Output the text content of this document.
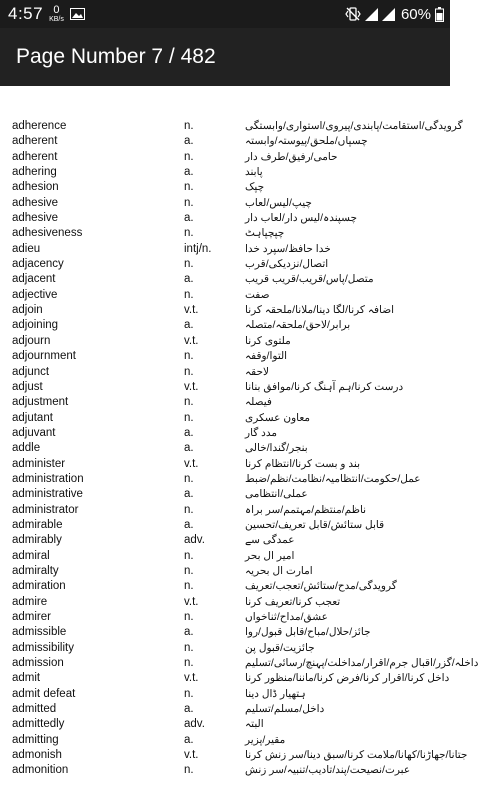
4:57 0
KB/s	60%
Page Number 7 / 482
adherence	n.	گرویدگی/استقامت/پابندی/پیروی/استواری/وابستگی
adherent	a.	چسپاں/ملحق/پیوستہ/وابستہ
adherent	n.	حامی/رفیق/طرف دار
adhering	a.	پابند
adhesion	n.	چپک
adhesive	n.	چیپ/لیس/لعاب
adhesive	a.	چسپندہ/لیس دار/لعاب دار
adhesiveness	n.	چپچپاہٹ
adieu	intj/n.	خدا حافظ/سپرد خدا
adjacency	n.	اتصال/نزدیکی/قرب
adjacent	a.	متصل/پاس/قریب/قریب قریب
adjective	n.	صفت
adjoin	v.t.	اضافہ کرنا/لگا دینا/ملانا/ملحقہ کرنا
adjoining	a.	برابر/لاحق/ملحقہ/متصلہ
adjourn	v.t.	ملتوی کرنا
adjournment	n.	التوا/وقفہ
adjunct	n.	لاحقہ
adjust	v.t.	درست کرنا/ہم آہنگ کرنا/موافق بنانا
adjustment	n.	فیصلہ
adjutant	n.	معاون عسکری
adjuvant	a.	مدد گار
addle	a.	بنجر/گندا/خالی
administer	v.t.	بند و بست کرنا/انتظام کرنا
administration	n.	عمل/حکومت/انتظامیہ/نظامت/نظم/ضبط
administrative	a.	عملی/انتظامی
administrator	n.	ناظم/منتظم/مہتمم/سر براہ
admirable	a.	قابل ستائش/قابل تعریف/تحسین
admirably	adv.	عمدگی سے
admiral	n.	امیر ال بحر
admiralty	n.	امارت ال بحریہ
admiration	n.	گرویدگی/مدح/ستائش/تعجب/تعریف
admire	v.t.	تعجب کرنا/تعریف کرنا
admirer	n.	عشق/مداح/ثناخواں
admissible	a.	جائز/حلال/مباح/قابل قبول/روا
admissibility	n.	جائزیت/قبول پن
admission	n.	داخلہ/گزر/اقبال جرم/اقرار/مداخلت/پہنچ/رسائی/تسلیم
admit	v.t.	داخل کرنا/اقرار کرنا/فرض کرنا/ماننا/منظور کرنا
admit defeat	n.	ہتھیار ڈال دینا
admitted	a.	داخل/مسلم/تسلیم
admittedly	adv.	البتہ
admitting	a.	مقیر/پزیر
admonish	v.t.	جتانا/جھاڑنا/کھانا/ملامت کرنا/سبق دینا/سر زنش کرنا
admonition	n.	عبرت/نصیحت/پند/تادیب/تنبیہ/سر زنش
